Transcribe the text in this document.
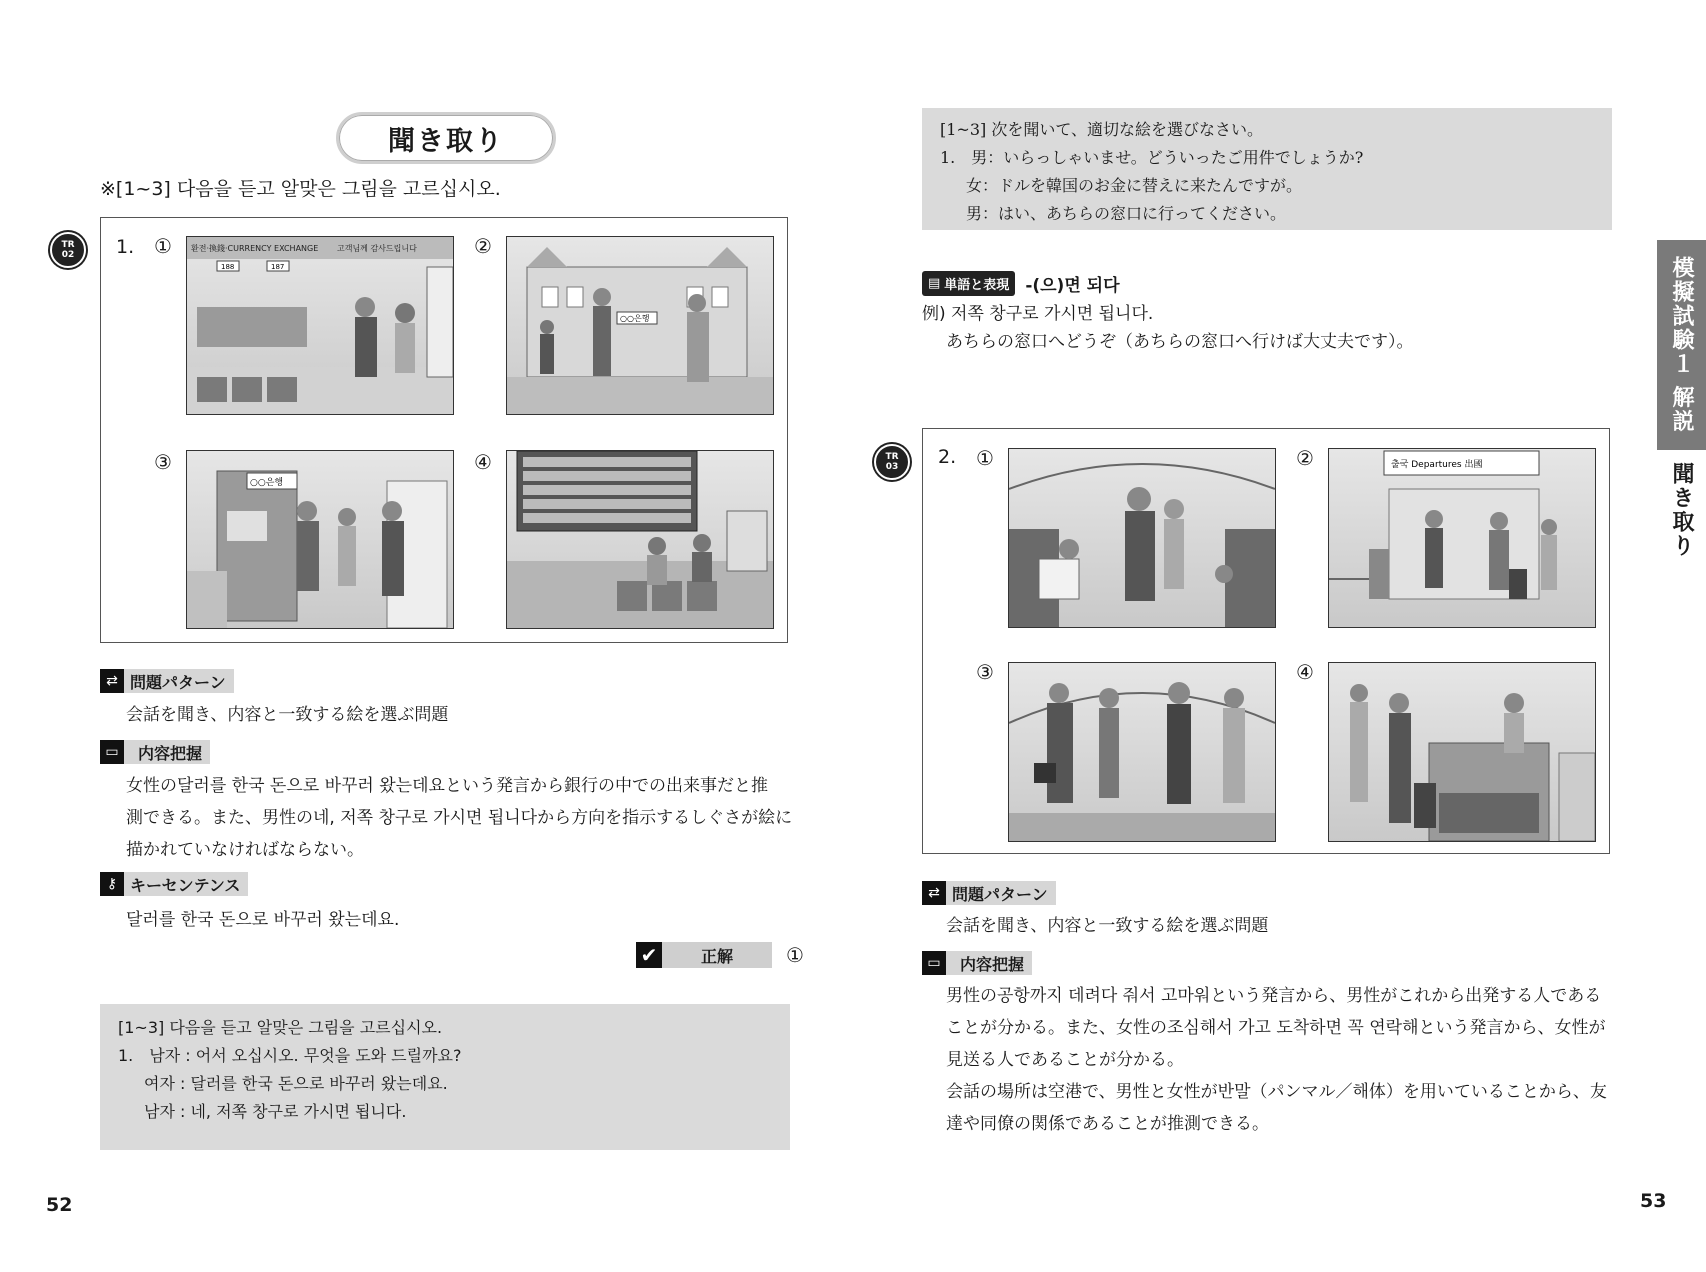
聞き取り
※[1~3] 다음을 듣고 알맞은 그림을 고르십시오.
TR
02 1. ①	②
③	④
환전·換錢·CURRENCY EXCHANGE 고객님께 감사드립니다
188	187
○○은행
○○은행
⇄ 問題パターン
会話を聞き、内容と一致する絵を選ぶ問題
▭	内容把握
女性の달러를 한국 돈으로 바꾸러 왔는데요という発言から銀行の中での出来事だと推
測できる。また、男性の네, 저쪽 창구로 가시면 됩니다から方向を指示するしぐさが絵に
描かれていなければならない。
⚷ キーセンテンス
달러를 한국 돈으로 바꾸러 왔는데요.
✔	正解	①
[1~3] 다음을 듣고 알맞은 그림을 고르십시오.
1.　남자 : 어서 오십시오. 무엇을 도와 드릴까요?
여자 : 달러를 한국 돈으로 바꾸러 왔는데요.
남자 : 네, 저쪽 창구로 가시면 됩니다.
52
[1~3] 次を聞いて、適切な絵を選びなさい。
1.　男：いらっしゃいませ。どういったご用件でしょうか?
女：ドルを韓国のお金に替えに来たんですが。
男：はい、あちらの窓口に行ってください。
▤ 単語と表現 -(으)면 되다
例) 저쪽 창구로 가시면 됩니다.
あちらの窓口へどうぞ（あちらの窓口へ行けば大丈夫です）。
TR
03 2. ①	②
③	④
출국 Departures 出國
⇄ 問題パターン
会話を聞き、内容と一致する絵を選ぶ問題
▭	内容把握
男性の공항까지 데려다 줘서 고마워という発言から、男性がこれから出発する人である
ことが分かる。また、女性の조심해서 가고 도착하면 꼭 연락해という発言から、女性が
見送る人であることが分かる。
会話の場所は空港で、男性と女性が반말（パンマル／해体）を用いていることから、友
達や同僚の関係であることが推測できる。
模擬試験１ 解説
聞き取り
53
